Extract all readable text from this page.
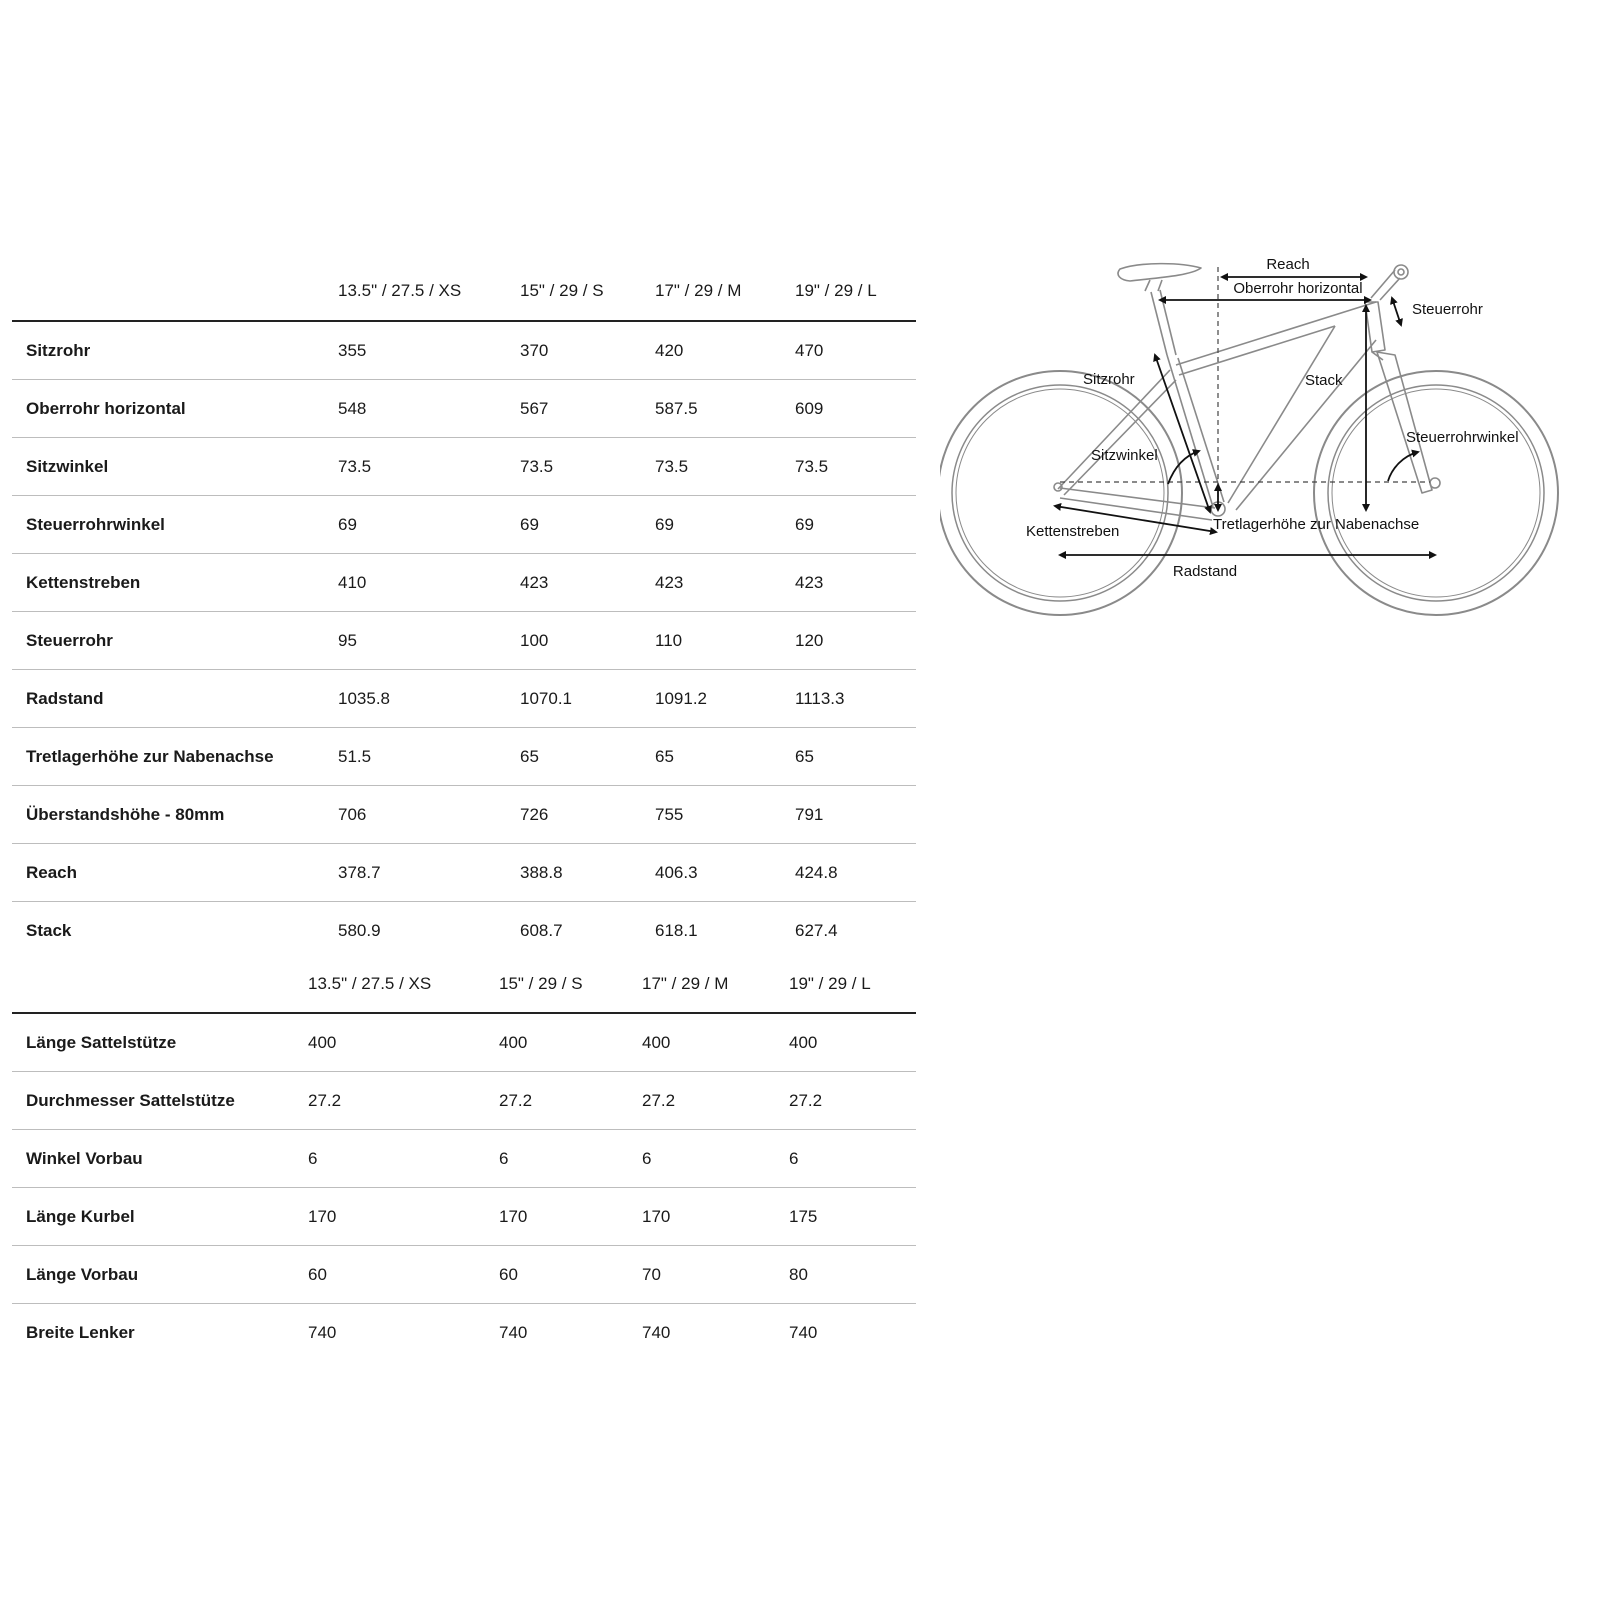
13.5" / 27.5 / XS	15" / 29 / S	17" / 29 / M	19" / 29 / L
Sitzrohr	355	370	420	470
Oberrohr horizontal	548	567	587.5	609
Sitzwinkel	73.5	73.5	73.5	73.5
Steuerrohrwinkel	69	69	69	69
Kettenstreben	410	423	423	423
Steuerrohr	95	100	110	120
Radstand	1035.8	1070.1	1091.2	1113.3
Tretlagerhöhe zur Nabenachse	51.5	65	65	65
Überstandshöhe - 80mm	706	726	755	791
Reach	378.7	388.8	406.3	424.8
Stack	580.9	608.7	618.1	627.4
13.5" / 27.5 / XS	15" / 29 / S	17" / 29 / M	19" / 29 / L
Länge Sattelstütze	400	400	400	400
Durchmesser Sattelstütze	27.2	27.2	27.2	27.2
Winkel Vorbau	6	6	6	6
Länge Kurbel	170	170	170	175
Länge Vorbau	60	60	70	80
Breite Lenker	740	740	740	740
Reach
Oberrohr horizontal
Steuerrohr
Sitzrohr	Stack
Steuerrohrwinkel
Sitzwinkel
Kettenstreben	Tretlagerhöhe zur Nabenachse
Radstand
